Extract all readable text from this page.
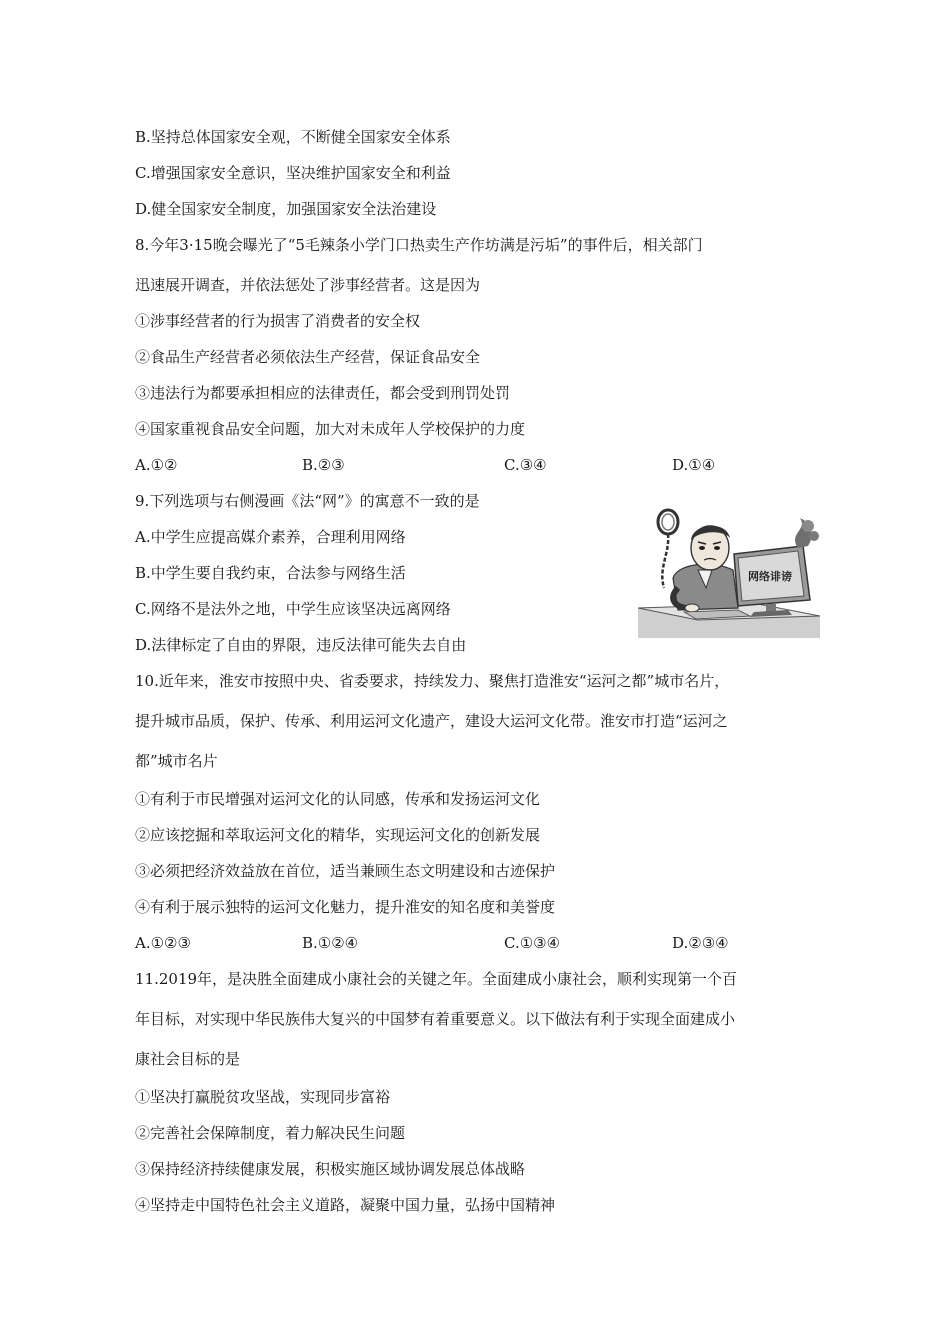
B.坚持总体国家安全观，不断健全国家安全体系
C.增强国家安全意识，坚决维护国家安全和利益
D.健全国家安全制度，加强国家安全法治建设
8.今年3·15晚会曝光了“5毛辣条小学门口热卖生产作坊满是污垢”的事件后，相关部门
迅速展开调查，并依法惩处了涉事经营者。这是因为
①涉事经营者的行为损害了消费者的安全权
②食品生产经营者必须依法生产经营，保证食品安全
③违法行为都要承担相应的法律责任，都会受到刑罚处罚
④国家重视食品安全问题，加大对未成年人学校保护的力度
A.①②	B.②③	C.③④	D.①④
9.下列选项与右侧漫画《法“网”》的寓意不一致的是
A.中学生应提高媒介素养，合理利用网络
B.中学生要自我约束，合法参与网络生活
C.网络不是法外之地，中学生应该坚决远离网络
D.法律标定了自由的界限，违反法律可能失去自由
网络诽谤
10.近年来，淮安市按照中央、省委要求，持续发力、聚焦打造淮安“运河之都”城市名片，
提升城市品质，保护、传承、利用运河文化遗产，建设大运河文化带。淮安市打造“运河之
都”城市名片
①有利于市民增强对运河文化的认同感，传承和发扬运河文化
②应该挖掘和萃取运河文化的精华，实现运河文化的创新发展
③必须把经济效益放在首位，适当兼顾生态文明建设和古迹保护
④有利于展示独特的运河文化魅力，提升淮安的知名度和美誉度
A.①②③	B.①②④	C.①③④	D.②③④
11.2019年，是决胜全面建成小康社会的关键之年。全面建成小康社会，顺利实现第一个百
年目标，对实现中华民族伟大复兴的中国梦有着重要意义。以下做法有利于实现全面建成小
康社会目标的是
①坚决打赢脱贫攻坚战，实现同步富裕
②完善社会保障制度，着力解决民生问题
③保持经济持续健康发展，积极实施区域协调发展总体战略
④坚持走中国特色社会主义道路，凝聚中国力量，弘扬中国精神
